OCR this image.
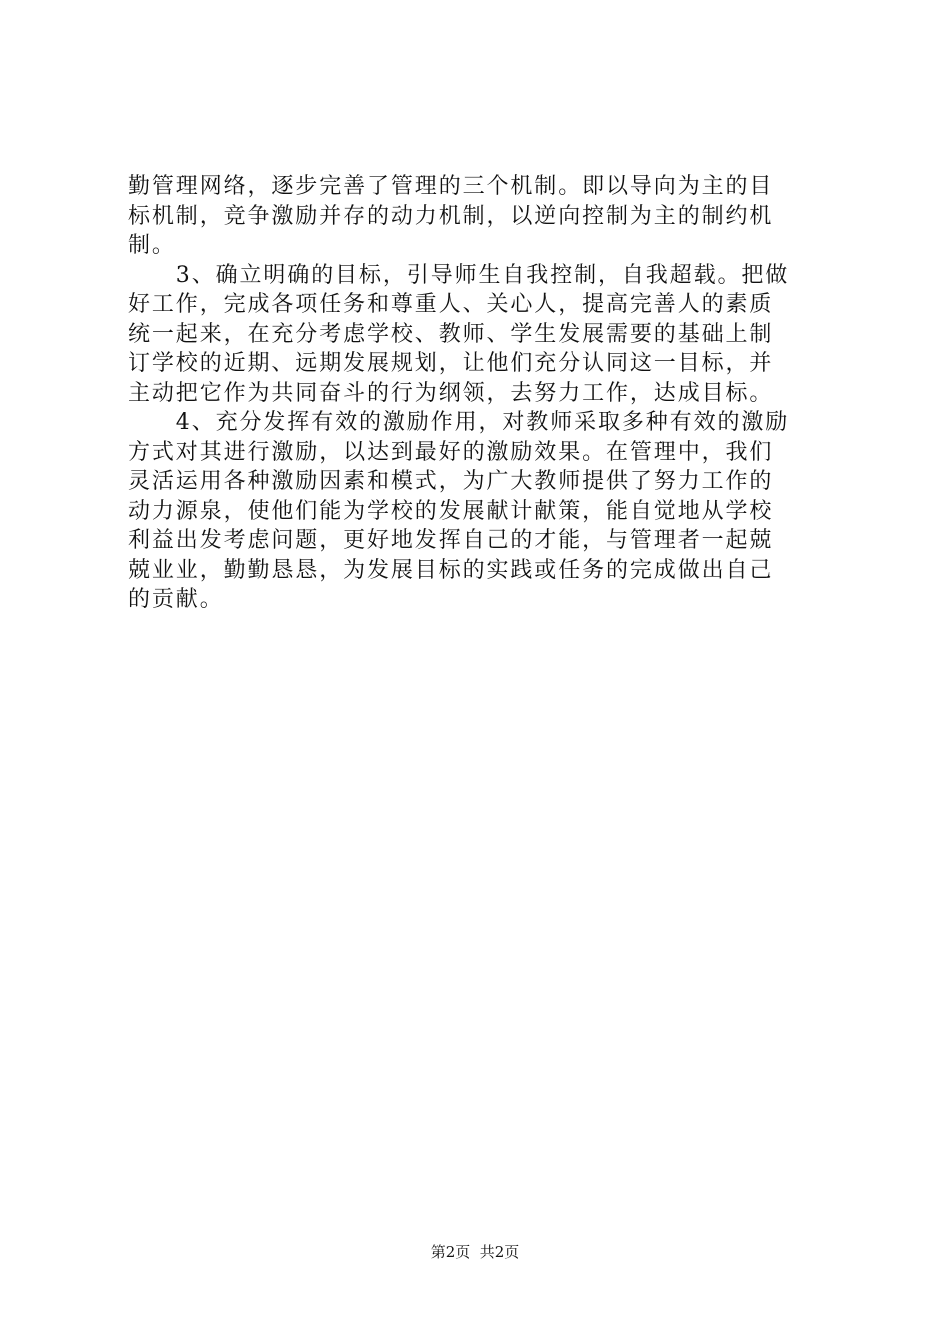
勤管理网络，逐步完善了管理的三个机制。即以导向为主的目
标机制，竞争激励并存的动力机制，以逆向控制为主的制约机
制。
　　3、确立明确的目标，引导师生自我控制，自我超载。把做
好工作，完成各项任务和尊重人、关心人，提高完善人的素质
统一起来，在充分考虑学校、教师、学生发展需要的基础上制
订学校的近期、远期发展规划，让他们充分认同这一目标，并
主动把它作为共同奋斗的行为纲领，去努力工作，达成目标。
　　4、充分发挥有效的激励作用，对教师采取多种有效的激励
方式对其进行激励，以达到最好的激励效果。在管理中，我们
灵活运用各种激励因素和模式，为广大教师提供了努力工作的
动力源泉，使他们能为学校的发展献计献策，能自觉地从学校
利益出发考虑问题，更好地发挥自己的才能，与管理者一起兢
兢业业，勤勤恳恳，为发展目标的实践或任务的完成做出自己
的贡献。
第2页  共2页
